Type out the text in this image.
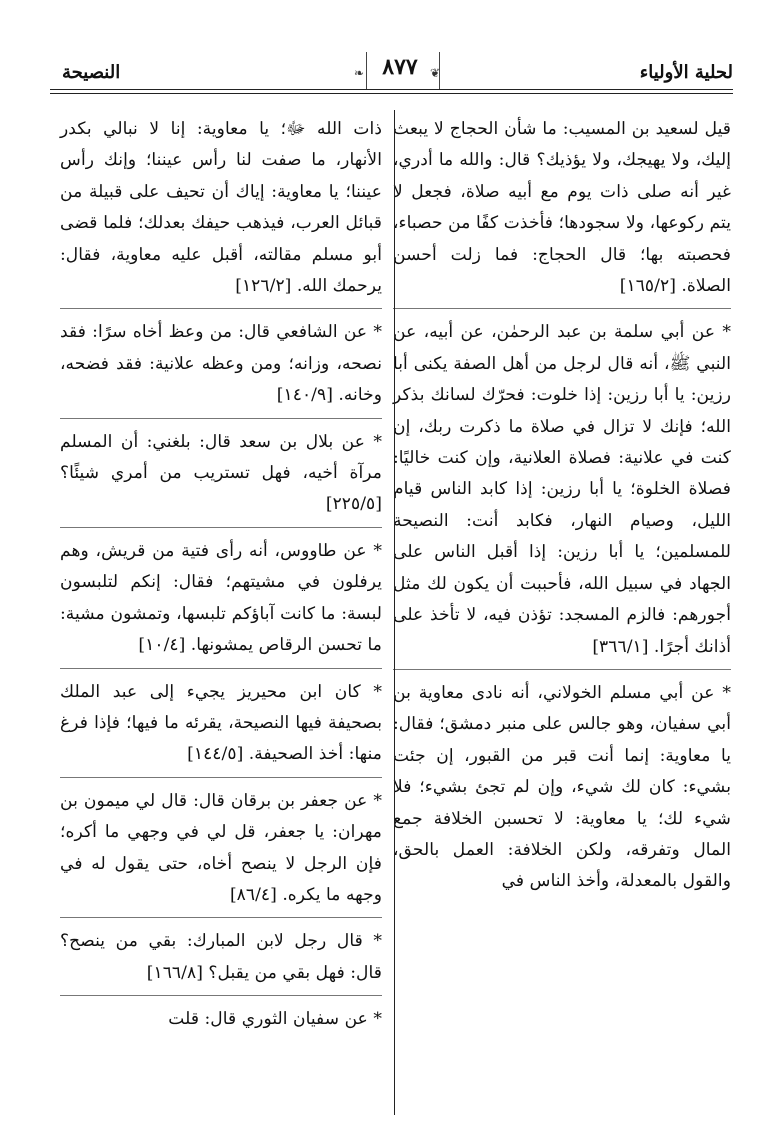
لحلية الأولياء
❧ ٨٧٧	❦
النصيحة

قيل لسعيد بن المسيب: ما شأن الحجاج لا يبعث إليك، ولا يهيجك، ولا يؤذيك؟ قال: والله ما أدري، غير أنه صلى ذات يوم مع أبيه صلاة، فجعل لا يتم ركوعها، ولا سجودها؛ فأخذت كفًا من حصباء، فحصبته بها؛ قال الحجاج: فما زلت أحسن الصلاة. [١٦٥/٢]

* عن أبي سلمة بن عبد الرحمٰن، عن أبيه، عن النبي ﷺ، أنه قال لرجل من أهل الصفة يكنى أبا رزين: يا أبا رزين: إذا خلوت: فحرّك لسانك بذكر الله؛ فإنك لا تزال في صلاة ما ذكرت ربك، إن كنت في علانية: فصلاة العلانية، وإن كنت خاليًا: فصلاة الخلوة؛ يا أبا رزين: إذا كابد الناس قيام الليل، وصيام النهار، فكابد أنت: النصيحة للمسلمين؛ يا أبا رزين: إذا أقبل الناس على الجهاد في سبيل الله، فأحببت أن يكون لك مثل أجورهم: فالزم المسجد: تؤذن فيه، لا تأخذ على أذانك أجرًا. [٣٦٦/١]

* عن أبي مسلم الخولاني، أنه نادى معاوية بن أبي سفيان، وهو جالس على منبر دمشق؛ فقال: يا معاوية: إنما أنت قبر من القبور، إن جئت بشيء: كان لك شيء، وإن لم تجئ بشيء؛ فلا شيء لك؛ يا معاوية: لا تحسبن الخلافة جمع المال وتفرقه، ولكن الخلافة: العمل بالحق، والقول بالمعدلة، وأخذ الناس في

ذات الله ﷻ؛ يا معاوية: إنا لا نبالي بكدر الأنهار، ما صفت لنا رأس عيننا؛ وإنك رأس عيننا؛ يا معاوية: إياك أن تحيف على قبيلة من قبائل العرب، فيذهب حيفك بعدلك؛ فلما قضى أبو مسلم مقالته، أقبل عليه معاوية، فقال: يرحمك الله. [١٢٦/٢]

* عن الشافعي قال: من وعظ أخاه سرًا: فقد نصحه، وزانه؛ ومن وعظه علانية: فقد فضحه، وخانه. [١٤٠/٩]

* عن بلال بن سعد قال: بلغني: أن المسلم مرآة أخيه، فهل تستريب من أمري شيئًا؟ [٢٢٥/٥]

* عن طاووس، أنه رأى فتية من قريش، وهم يرفلون في مشيتهم؛ فقال: إنكم لتلبسون لبسة: ما كانت آباؤكم تلبسها، وتمشون مشية: ما تحسن الرقاص يمشونها. [١٠/٤]

* كان ابن محيريز يجيء إلى عبد الملك بصحيفة فيها النصيحة، يقرئه ما فيها؛ فإذا فرغ منها: أخذ الصحيفة. [١٤٤/٥]

* عن جعفر بن برقان قال: قال لي ميمون بن مهران: يا جعفر، قل لي في وجهي ما أكره؛ فإن الرجل لا ينصح أخاه، حتى يقول له في وجهه ما يكره. [٨٦/٤]

* قال رجل لابن المبارك: بقي من ينصح؟ قال: فهل بقي من يقبل؟ [١٦٦/٨]

* عن سفيان الثوري قال: قلت
